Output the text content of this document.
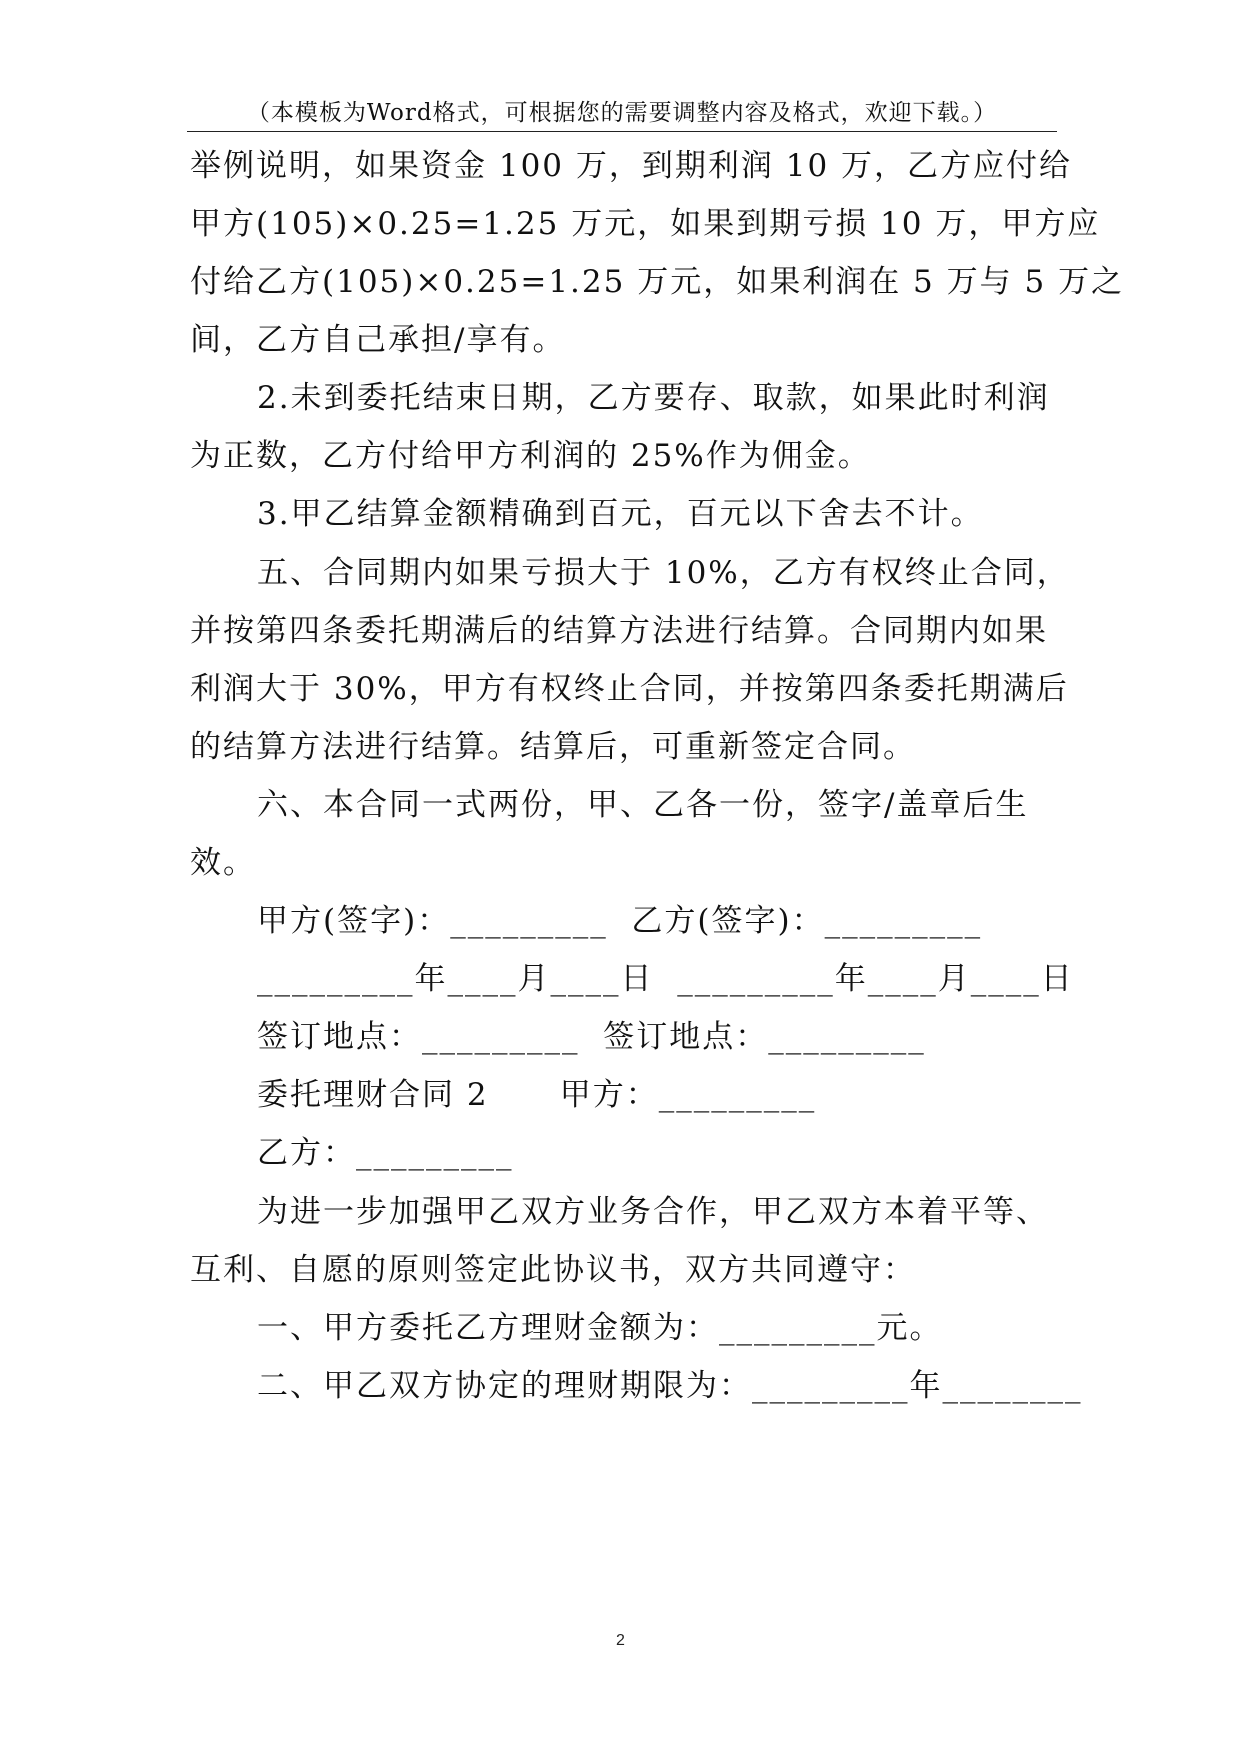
（本模板为Word格式，可根据您的需要调整内容及格式，欢迎下载。）
举例说明，如果资金 100 万，到期利润 10 万，乙方应付给
甲方(105)×0.25=1.25 万元，如果到期亏损 10 万，甲方应
付给乙方(105)×0.25=1.25 万元，如果利润在 5 万与 5 万之
间，乙方自己承担/享有。
2.未到委托结束日期，乙方要存、取款，如果此时利润
为正数，乙方付给甲方利润的 25%作为佣金。
3.甲乙结算金额精确到百元，百元以下舍去不计。
五、合同期内如果亏损大于 10%，乙方有权终止合同，
并按第四条委托期满后的结算方法进行结算。合同期内如果
利润大于 30%，甲方有权终止合同，并按第四条委托期满后
的结算方法进行结算。结算后，可重新签定合同。
六、本合同一式两份，甲、乙各一份，签字/盖章后生
效。
甲方(签字)：_________  乙方(签字)：_________
_________年____月____日  _________年____月____日
签订地点：_________  签订地点：_________
委托理财合同 2      甲方：_________
乙方：_________
为进一步加强甲乙双方业务合作，甲乙双方本着平等、
互利、自愿的原则签定此协议书，双方共同遵守：
一、甲方委托乙方理财金额为：_________元。
二、甲乙双方协定的理财期限为：_________年________
2
